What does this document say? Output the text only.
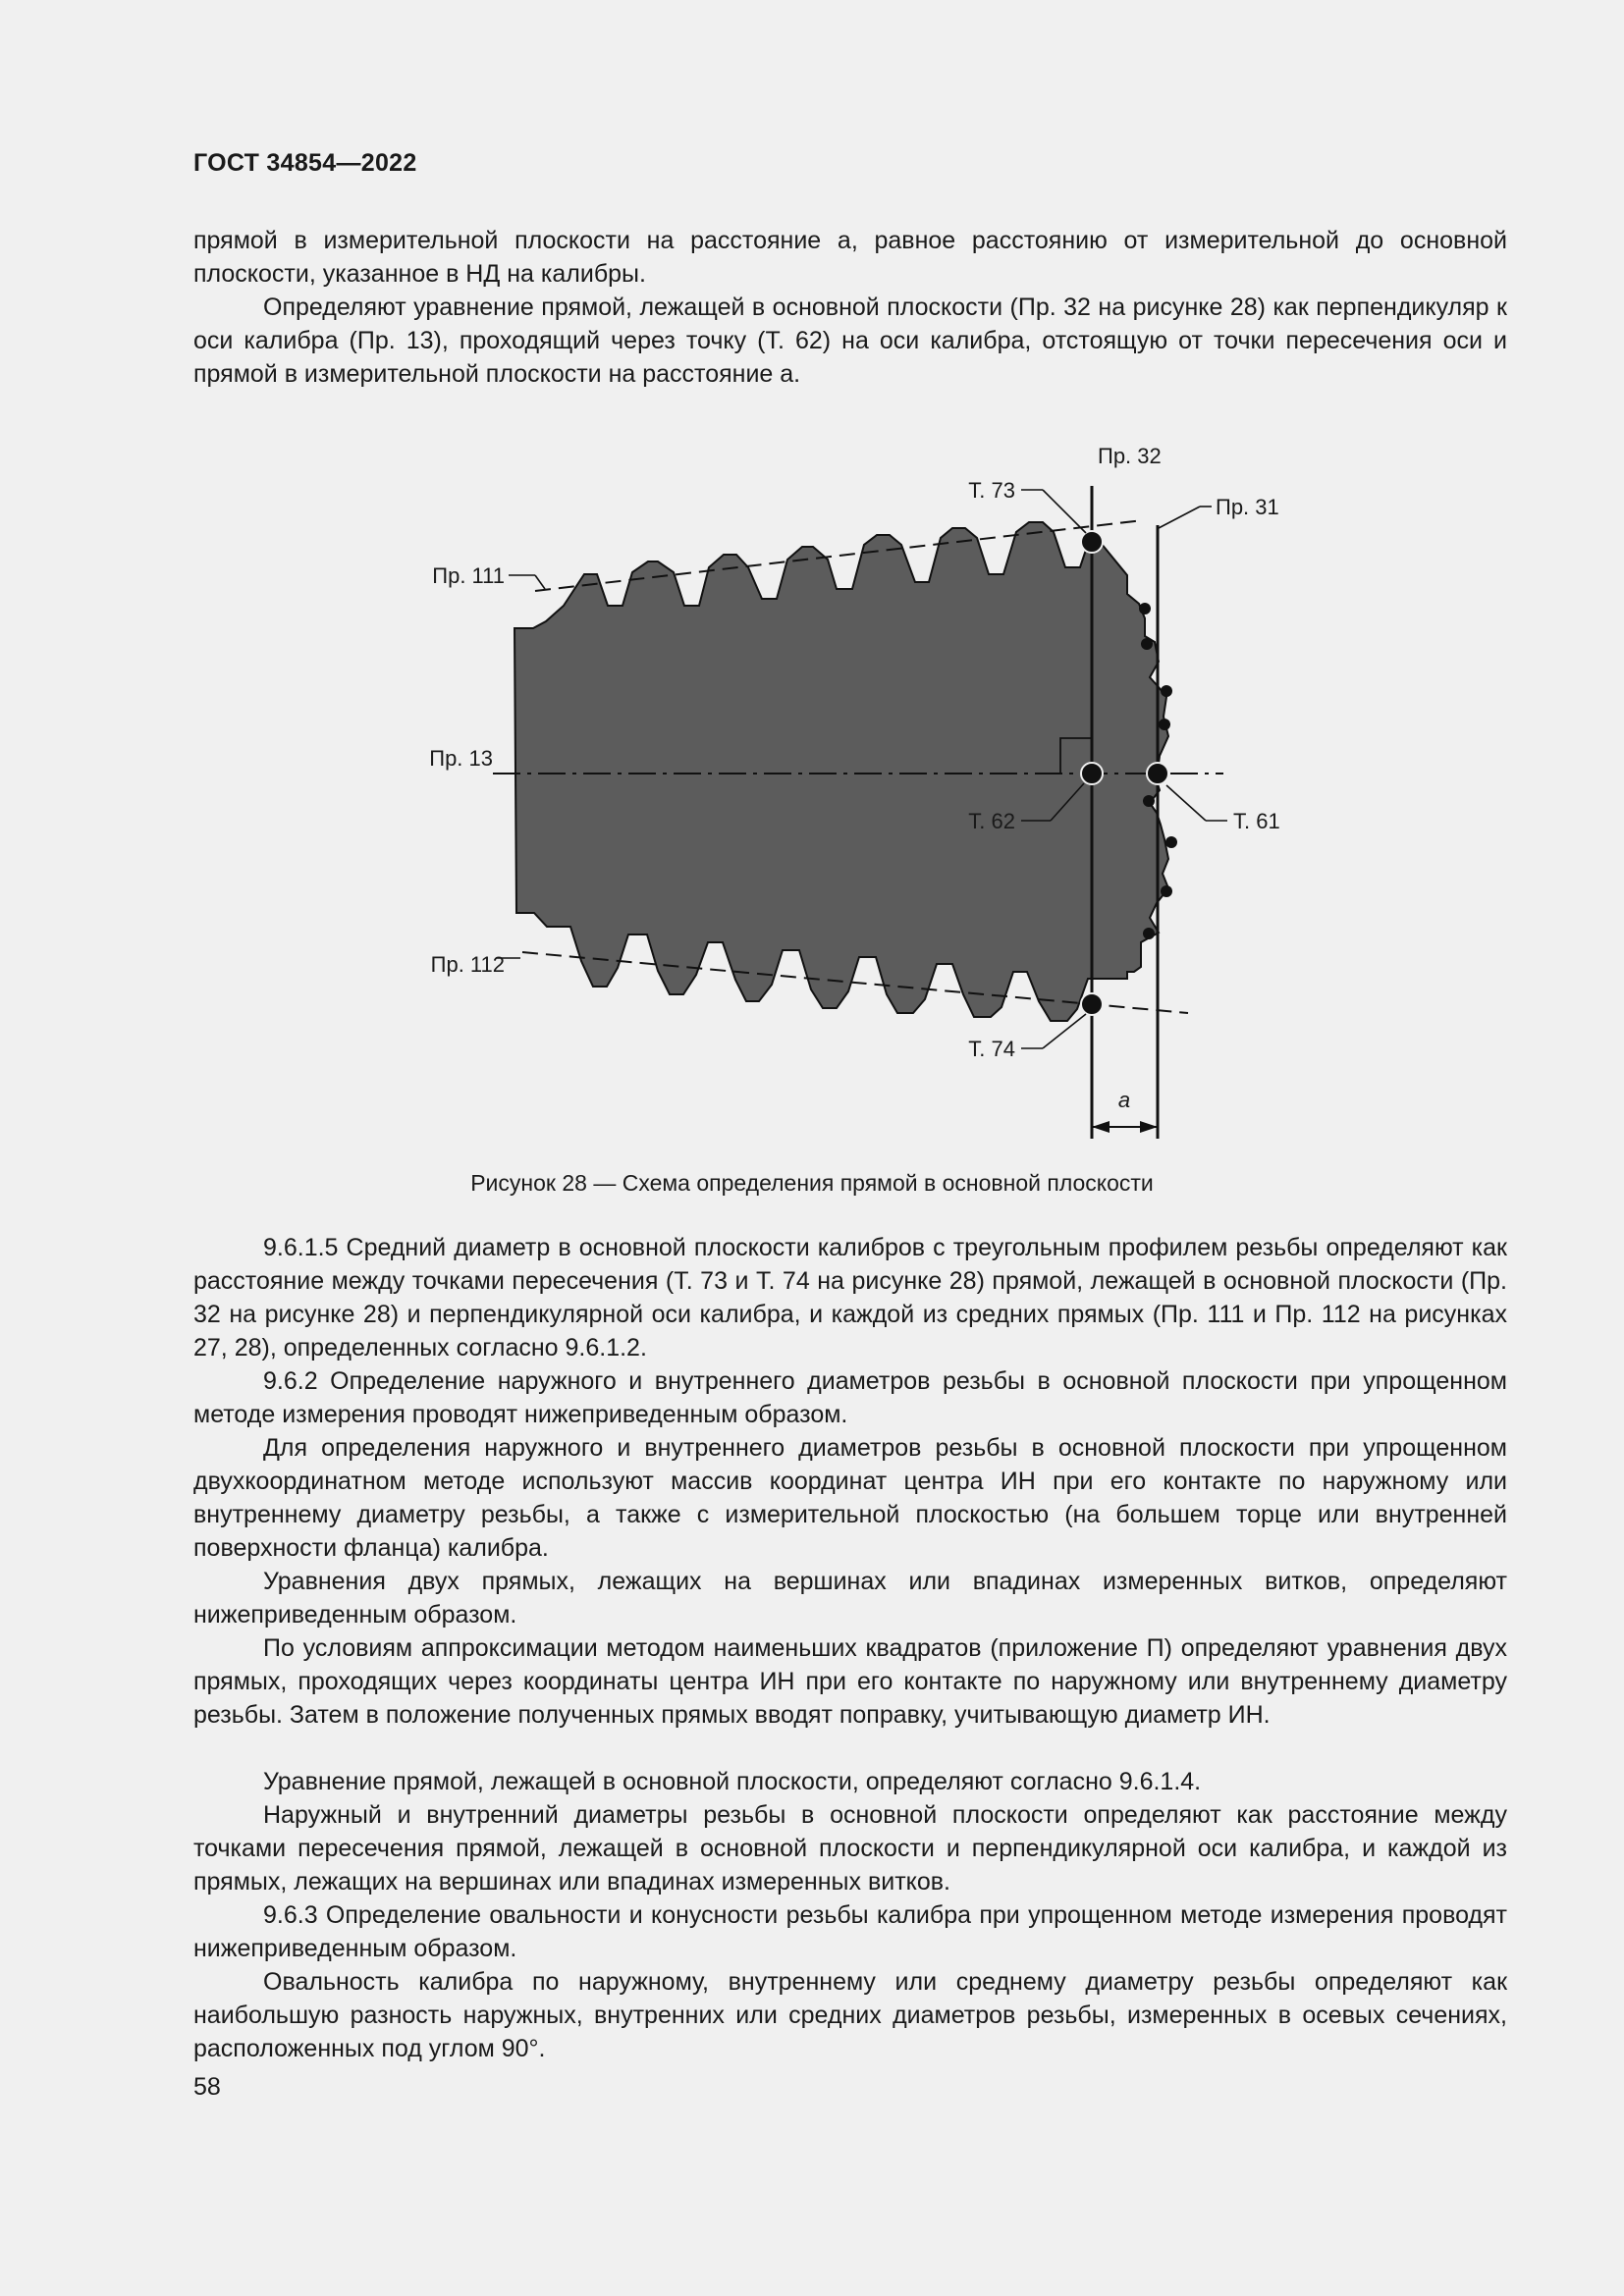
ГОСТ 34854—2022

прямой в измерительной плоскости на расстояние а, равное расстоянию от измерительной до основной плоскости, указанное в НД на калибры.

Определяют уравнение прямой, лежащей в основной плоскости (Пр. 32 на рисунке 28) как перпендикуляр к оси калибра (Пр. 13), проходящий через точку (Т. 62) на оси калибра, отстоящую от точки пересечения оси и прямой в измерительной плоскости на расстояние а.

Пр. 32
Т. 73
Пр. 31
Пр. 111
Пр. 13
Т. 62	Т. 61
Пр. 112
Т. 74
a
Рисунок 28 — Схема определения прямой в основной плоскости

9.6.1.5 Средний диаметр в основной плоскости калибров с треугольным профилем резьбы определяют как расстояние между точками пересечения (Т. 73 и Т. 74 на рисунке 28) прямой, лежащей в основной плоскости (Пр. 32 на рисунке 28) и перпендикулярной оси калибра, и каждой из средних прямых (Пр. 111 и Пр. 112 на рисунках 27, 28), определенных согласно 9.6.1.2.

9.6.2 Определение наружного и внутреннего диаметров резьбы в основной плоскости при упрощенном методе измерения проводят нижеприведенным образом.

Для определения наружного и внутреннего диаметров резьбы в основной плоскости при упрощенном двухкоординатном методе используют массив координат центра ИН при его контакте по наружному или внутреннему диаметру резьбы, а также с измерительной плоскостью (на большем торце или внутренней поверхности фланца) калибра.

Уравнения двух прямых, лежащих на вершинах или впадинах измеренных витков, определяют нижеприведенным образом.

По условиям аппроксимации методом наименьших квадратов (приложение П) определяют уравнения двух прямых, проходящих через координаты центра ИН при его контакте по наружному или внутреннему диаметру резьбы. Затем в положение полученных прямых вводят поправку, учитывающую диаметр ИН.

Уравнение прямой, лежащей в основной плоскости, определяют согласно 9.6.1.4.

Наружный и внутренний диаметры резьбы в основной плоскости определяют как расстояние между точками пересечения прямой, лежащей в основной плоскости и перпендикулярной оси калибра, и каждой из прямых, лежащих на вершинах или впадинах измеренных витков.

9.6.3 Определение овальности и конусности резьбы калибра при упрощенном методе измерения проводят нижеприведенным образом.

Овальность калибра по наружному, внутреннему или среднему диаметру резьбы определяют как наибольшую разность наружных, внутренних или средних диаметров резьбы, измеренных в осевых сечениях, расположенных под углом 90°.

58
